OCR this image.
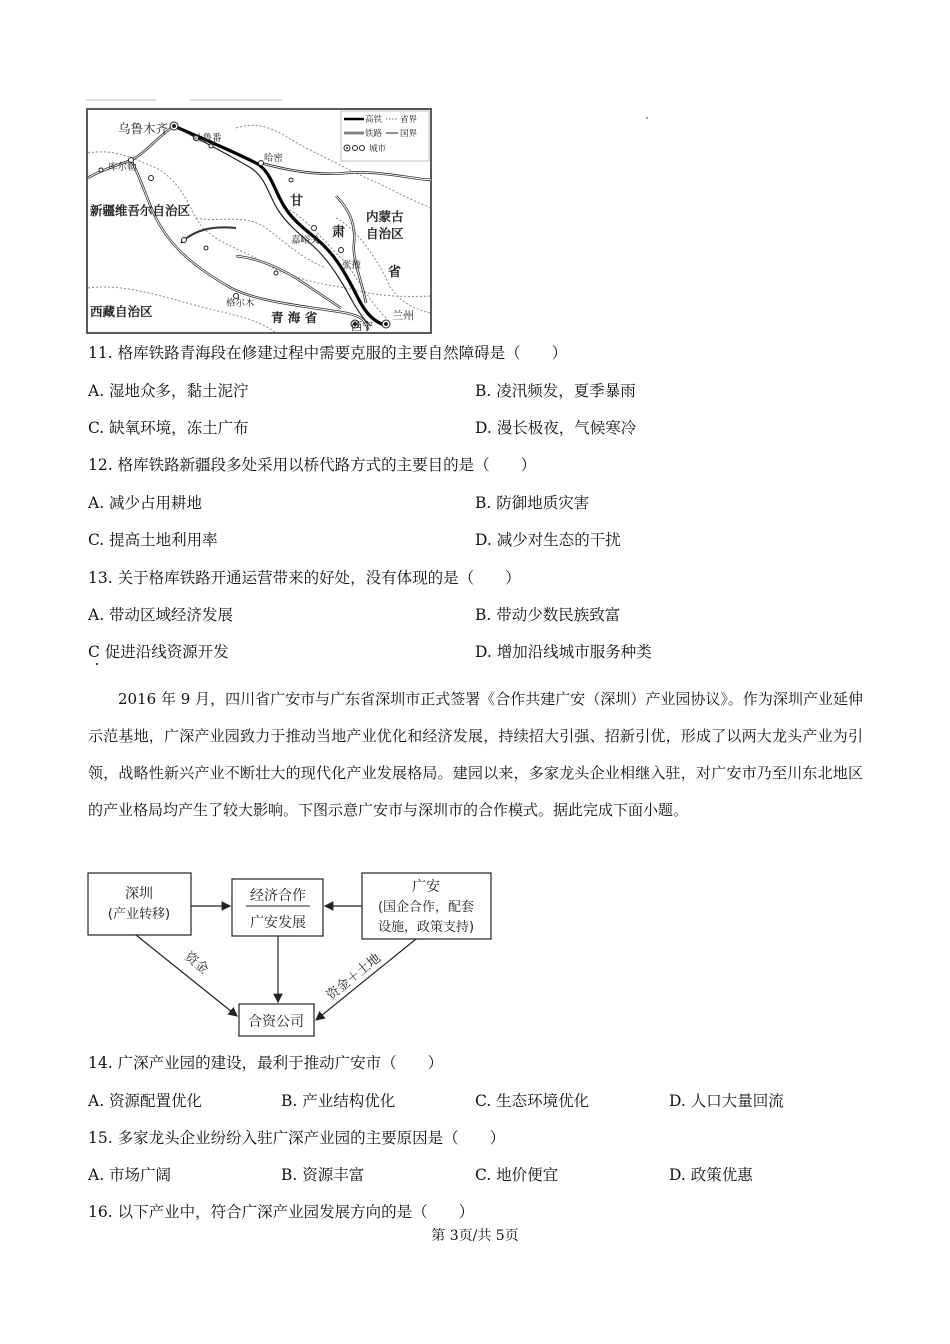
高铁 省界
铁路 国界
城市
新疆维吾尔自治区
西藏自治区	青 海 省
内蒙古
自治区
甘
肃
省
乌鲁木齐
吐鲁番
库尔勒
哈密
嘉峪关
张掖
格尔木
西宁
兰州
11. 格库铁路青海段在修建过程中需要克服的主要自然障碍是（　　）
A. 湿地众多，黏土泥泞	B. 凌汛频发，夏季暴雨
C. 缺氧环境，冻土广布	D. 漫长极夜，气候寒冷
12. 格库铁路新疆段多处采用以桥代路方式的主要目的是（　　）
A. 减少占用耕地	B. 防御地质灾害
C. 提高土地利用率	D. 减少对生态的干扰
13. 关于格库铁路开通运营带来的好处，没有体现的是（　　）
A. 带动区域经济发展	B. 带动少数民族致富
C 促进沿线资源开发	D. 增加沿线城市服务种类
2016 年 9 月，四川省广安市与广东省深圳市正式签署《合作共建广安（深圳）产业园协议》。作为深圳产业延伸示范基地，广深产业园致力于推动当地产业优化和经济发展，持续招大引强、招新引优，形成了以两大龙头产业为引领，战略性新兴产业不断壮大的现代化产业发展格局。建园以来，多家龙头企业相继入驻，对广安市乃至川东北地区的产业格局均产生了较大影响。下图示意广安市与深圳市的合作模式。据此完成下面小题。
深圳
(产业转移)
经济合作
广安发展
广安
(国企合作，配套
设施，政策支持)
合资公司
资金	资金＋土地
14. 广深产业园的建设，最利于推动广安市（　　）
A. 资源配置优化	B. 产业结构优化	C. 生态环境优化	D. 人口大量回流
15. 多家龙头企业纷纷入驻广深产业园的主要原因是（　　）
A. 市场广阔	B. 资源丰富	C. 地价便宜	D. 政策优惠
16. 以下产业中，符合广深产业园发展方向的是（　　）
第 3页/共 5页
